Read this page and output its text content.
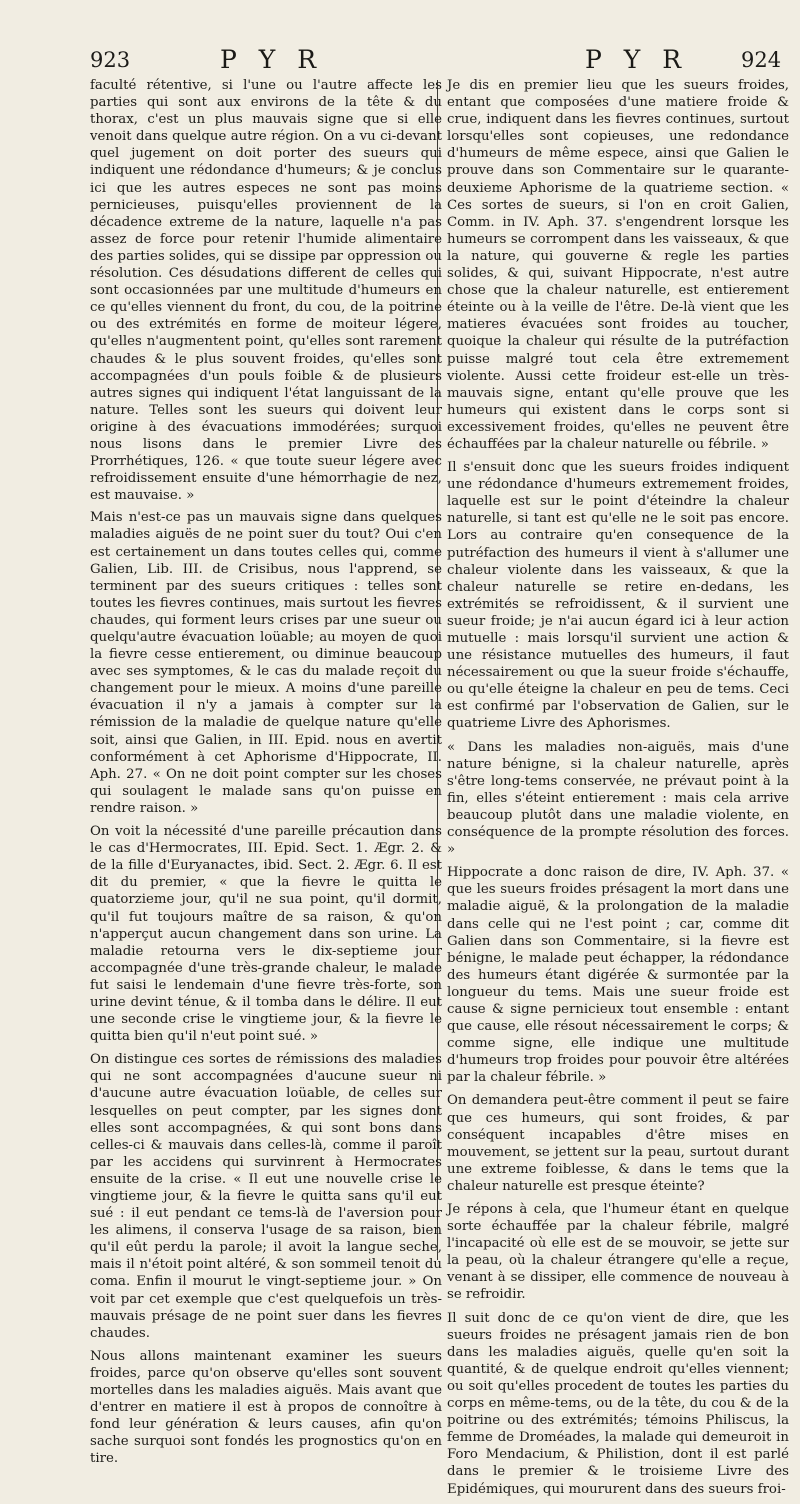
923	P Y R	P Y R	924

faculté rétentive, si l'une ou l'autre affecte les parties qui sont aux environs de la tête & du thorax, c'est un plus mauvais signe que si elle venoit dans quelque autre région. On a vu ci-devant quel jugement on doit porter des sueurs qui indiquent une rédondance d'humeurs; & je conclus ici que les autres especes ne sont pas moins pernicieuses, puisqu'elles proviennent de la décadence extreme de la nature, laquelle n'a pas assez de force pour retenir l'humide alimentaire des parties solides, qui se dissipe par oppression ou résolution. Ces désudations different de celles qui sont occasionnées par une multitude d'humeurs en ce qu'elles viennent du front, du cou, de la poitrine ou des extrémités en forme de moiteur légere, qu'elles n'augmentent point, qu'elles sont rarement chaudes & le plus souvent froides, qu'elles sont accompagnées d'un pouls foible & de plusieurs autres signes qui indiquent l'état languissant de la nature. Telles sont les sueurs qui doivent leur origine à des évacuations immodérées; surquoi nous lisons dans le premier Livre des Prorrhétiques, 126. « que toute sueur légere avec refroidissement ensuite d'une hémorrhagie de nez, est mauvaise. »

Mais n'est-ce pas un mauvais signe dans quelques maladies aiguës de ne point suer du tout? Oui c'en est certainement un dans toutes celles qui, comme Galien, Lib. III. de Crisibus, nous l'apprend, se terminent par des sueurs critiques : telles sont toutes les fievres continues, mais surtout les fievres chaudes, qui forment leurs crises par une sueur ou quelqu'autre évacuation loüable; au moyen de quoi la fievre cesse entierement, ou diminue beaucoup avec ses symptomes, & le cas du malade reçoit du changement pour le mieux. A moins d'une pareille évacuation il n'y a jamais à compter sur la rémission de la maladie de quelque nature qu'elle soit, ainsi que Galien, in III. Epid. nous en avertit conformément à cet Aphorisme d'Hippocrate, II. Aph. 27. « On ne doit point compter sur les choses qui soulagent le malade sans qu'on puisse en rendre raison. »

On voit la nécessité d'une pareille précaution dans le cas d'Hermocrates, III. Epid. Sect. 1. Ægr. 2. & de la fille d'Euryanactes, ibid. Sect. 2. Ægr. 6. Il est dit du premier, « que la fievre le quitta le quatorzieme jour, qu'il ne sua point, qu'il dormit, qu'il fut toujours maître de sa raison, & qu'on n'apperçut aucun changement dans son urine. La maladie retourna vers le dix-septieme jour accompagnée d'une très-grande chaleur, le malade fut saisi le lendemain d'une fievre très-forte, son urine devint ténue, & il tomba dans le délire. Il eut une seconde crise le vingtieme jour, & la fievre le quitta bien qu'il n'eut point sué. »

On distingue ces sortes de rémissions des maladies qui ne sont accompagnées d'aucune sueur ni d'aucune autre évacuation loüable, de celles sur lesquelles on peut compter, par les signes dont elles sont accompagnées, & qui sont bons dans celles-ci & mauvais dans celles-là, comme il paroît par les accidens qui survinrent à Hermocrates ensuite de la crise. « Il eut une nouvelle crise le vingtieme jour, & la fievre le quitta sans qu'il eut sué : il eut pendant ce tems-là de l'aversion pour les alimens, il conserva l'usage de sa raison, bien qu'il eût perdu la parole; il avoit la langue seche, mais il n'étoit point altéré, & son sommeil tenoit du coma. Enfin il mourut le vingt-septieme jour. » On voit par cet exemple que c'est quelquefois un très-mauvais présage de ne point suer dans les fievres chaudes.

Nous allons maintenant examiner les sueurs froides, parce qu'on observe qu'elles sont souvent mortelles dans les maladies aiguës. Mais avant que d'entrer en matiere il est à propos de connoître à fond leur génération & leurs causes, afin qu'on sache surquoi sont fondés les prognostics qu'on en tire.

Je dis en premier lieu que les sueurs froides, entant que composées d'une matiere froide & crue, indiquent dans les fievres continues, surtout lorsqu'elles sont copieuses, une redondance d'humeurs de même espece, ainsi que Galien le prouve dans son Commentaire sur le quarante-deuxieme Aphorisme de la quatrieme section. « Ces sortes de sueurs, si l'on en croit Galien, Comm. in IV. Aph. 37. s'engendrent lorsque les humeurs se corrompent dans les vaisseaux, & que la nature, qui gouverne & regle les parties solides, & qui, suivant Hippocrate, n'est autre chose que la chaleur naturelle, est entierement éteinte ou à la veille de l'être. De-là vient que les matieres évacuées sont froides au toucher, quoique la chaleur qui résulte de la putréfaction puisse malgré tout cela être extremement violente. Aussi cette froideur est-elle un très-mauvais signe, entant qu'elle prouve que les humeurs qui existent dans le corps sont si excessivement froides, qu'elles ne peuvent être échauffées par la chaleur naturelle ou fébrile. »

Il s'ensuit donc que les sueurs froides indiquent une rédondance d'humeurs extremement froides, laquelle est sur le point d'éteindre la chaleur naturelle, si tant est qu'elle ne le soit pas encore. Lors au contraire qu'en consequence de la putréfaction des humeurs il vient à s'allumer une chaleur violente dans les vaisseaux, & que la chaleur naturelle se retire en-dedans, les extrémités se refroidissent, & il survient une sueur froide; je n'ai aucun égard ici à leur action mutuelle : mais lorsqu'il survient une action & une résistance mutuelles des humeurs, il faut nécessairement ou que la sueur froide s'échauffe, ou qu'elle éteigne la chaleur en peu de tems. Ceci est confirmé par l'observation de Galien, sur le quatrieme Livre des Aphorismes.

« Dans les maladies non-aiguës, mais d'une nature bénigne, si la chaleur naturelle, après s'être long-tems conservée, ne prévaut point à la fin, elles s'éteint entierement : mais cela arrive beaucoup plutôt dans une maladie violente, en conséquence de la prompte résolution des forces. »

Hippocrate a donc raison de dire, IV. Aph. 37. « que les sueurs froides présagent la mort dans une maladie aiguë, & la prolongation de la maladie dans celle qui ne l'est point ; car, comme dit Galien dans son Commentaire, si la fievre est bénigne, le malade peut échapper, la rédondance des humeurs étant digérée & surmontée par la longueur du tems. Mais une sueur froide est cause & signe pernicieux tout ensemble : entant que cause, elle résout nécessairement le corps; & comme signe, elle indique une multitude d'humeurs trop froides pour pouvoir être altérées par la chaleur fébrile. »

On demandera peut-être comment il peut se faire que ces humeurs, qui sont froides, & par conséquent incapables d'être mises en mouvement, se jettent sur la peau, surtout durant une extreme foiblesse, & dans le tems que la chaleur naturelle est presque éteinte?

Je répons à cela, que l'humeur étant en quelque sorte échauffée par la chaleur fébrile, malgré l'incapacité où elle est de se mouvoir, se jette sur la peau, où la chaleur étrangere qu'elle a reçue, venant à se dissiper, elle commence de nouveau à se refroidir.

Il suit donc de ce qu'on vient de dire, que les sueurs froides ne présagent jamais rien de bon dans les maladies aiguës, quelle qu'en soit la quantité, & de quelque endroit qu'elles viennent; ou soit qu'elles procedent de toutes les parties du corps en même-tems, ou de la tête, du cou & de la poitrine ou des extrémités; témoins Philiscus, la femme de Droméades, la malade qui demeuroit in Foro Mendacium, & Philistion, dont il est parlé dans le premier & le troisieme Livre des Epidémiques, qui moururent dans des sueurs froi-
